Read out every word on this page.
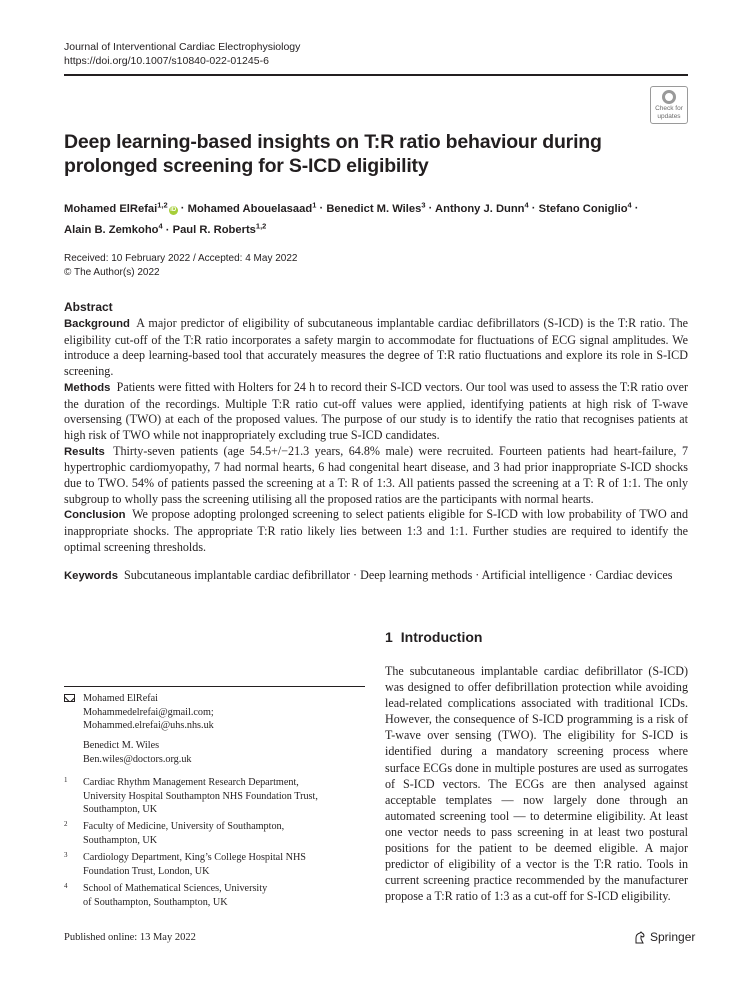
Journal of Interventional Cardiac Electrophysiology
https://doi.org/10.1007/s10840-022-01245-6
Check for
updates
Deep learning-based insights on T:R ratio behaviour during prolonged screening for S-ICD eligibility
Mohamed ElRefai$^{1,2}$iD · Mohamed Abouelasaad$^1$ · Benedict M. Wiles$^3$ · Anthony J. Dunn$^4$ · Stefano Coniglio$^4$ ·
Alain B. Zemkoho$^4$ · Paul R. Roberts$^{1,2}$
Received: 10 February 2022 / Accepted: 4 May 2022
© The Author(s) 2022
Abstract

Background A major predictor of eligibility of subcutaneous implantable cardiac defibrillators (S-ICD) is the T:R ratio. The eligibility cut-off of the T:R ratio incorporates a safety margin to accommodate for fluctuations of ECG signal amplitudes. We introduce a deep learning-based tool that accurately measures the degree of T:R ratio fluctuations and explore its role in S-ICD screening.

Methods Patients were fitted with Holters for 24 h to record their S-ICD vectors. Our tool was used to assess the T:R ratio over the duration of the recordings. Multiple T:R ratio cut-off values were applied, identifying patients at high risk of T-wave oversensing (TWO) at each of the proposed values. The purpose of our study is to identify the ratio that recognises patients at high risk of TWO while not inappropriately excluding true S-ICD candidates.

Results Thirty-seven patients (age 54.5+/−21.3 years, 64.8% male) were recruited. Fourteen patients had heart-failure, 7 hypertrophic cardiomyopathy, 7 had normal hearts, 6 had congenital heart disease, and 3 had prior inappropriate S-ICD shocks due to TWO. 54% of patients passed the screening at a T: R of 1:3. All patients passed the screening at a T: R of 1:1. The only subgroup to wholly pass the screening utilising all the proposed ratios are the participants with normal hearts.

Conclusion We propose adopting prolonged screening to select patients eligible for S-ICD with low probability of TWO and inappropriate shocks. The appropriate T:R ratio likely lies between 1:3 and 1:1. Further studies are required to identify the optimal screening thresholds.

Keywords Subcutaneous implantable cardiac defibrillator · Deep learning methods · Artificial intelligence · Cardiac devices
1 Introduction
The subcutaneous implantable cardiac defibrillator (S-ICD) was designed to offer defibrillation protection while avoiding lead-related complications associated with traditional ICDs. However, the consequence of S-ICD programming is a risk of T-wave over sensing (TWO). The eligibility for S-ICD is identified during a mandatory screening process where surface ECGs done in multiple postures are used as surrogates of S-ICD vectors. The ECGs are then analysed against acceptable templates — now largely done through an automated screening tool — to determine eligibility. At least one vector needs to pass screening in at least two postural positions for the patient to be deemed eligible. A major predictor of eligibility of a vector is the T:R ratio. Tools in current screening practice recommended by the manufacturer propose a T:R ratio of 1:3 as a cut-off for S-ICD eligibility.
Mohamed ElRefai
Mohammedelrefai@gmail.com;
Mohammed.elrefai@uhs.nhs.uk
Benedict M. Wiles
Ben.wiles@doctors.org.uk
1 Cardiac Rhythm Management Research Department,
University Hospital Southampton NHS Foundation Trust,
Southampton, UK
2 Faculty of Medicine, University of Southampton,
Southampton, UK
3 Cardiology Department, King’s College Hospital NHS
Foundation Trust, London, UK
4 School of Mathematical Sciences, University
of Southampton, Southampton, UK
Published online: 13 May 2022	Springer
